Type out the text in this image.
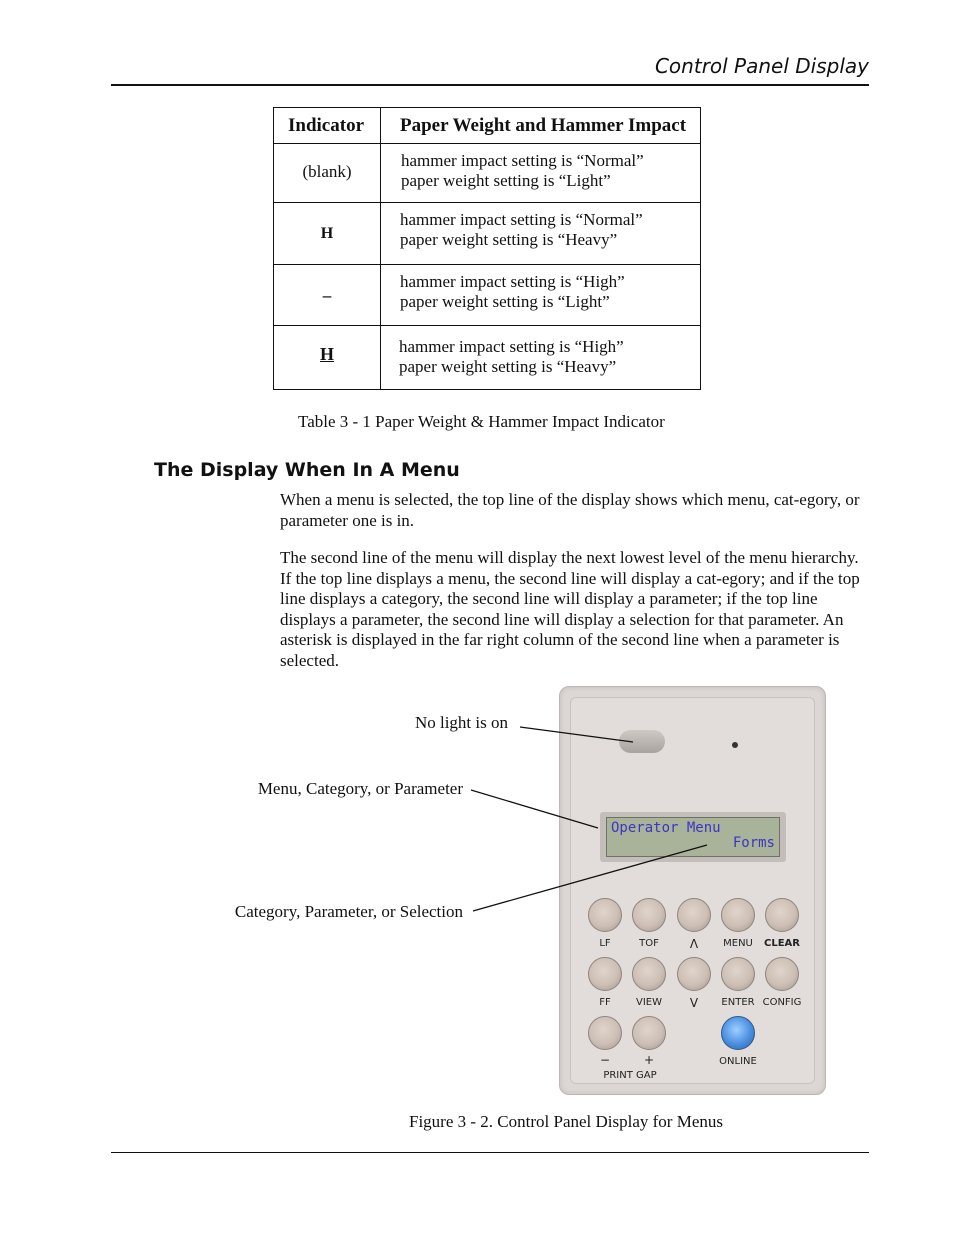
Control Panel Display
Indicator Paper Weight and Hammer Impact
(blank)
hammer impact setting is “Normal”
paper weight setting is “Light”
H
hammer impact setting is “Normal”
paper weight setting is “Heavy”
_	hammer impact setting is “High”
paper weight setting is “Light”
H	hammer impact setting is “High”
paper weight setting is “Heavy”
Table 3 - 1 Paper Weight & Hammer Impact Indicator
The Display When In A Menu
When a menu is selected, the top line of the display shows which menu, cat-egory, or parameter one is in.
The second line of the menu will display the next lowest level of the menu hierarchy. If the top line displays a menu, the second line will display a cat-egory; and if the top line displays a category, the second line will display a parameter; if the top line displays a parameter, the second line will display a selection for that parameter. An asterisk is displayed in the far right column of the second line when a parameter is selected.
No light is on
Menu, Category, or Parameter
Category, Parameter, or Selection
Operator Menu
Forms
LF	TOF	Λ	MENU	CLEAR
FF	VIEW	V	ENTER CONFIG
−	+	ONLINE
PRINT GAP
Figure 3 - 2. Control Panel Display for Menus
